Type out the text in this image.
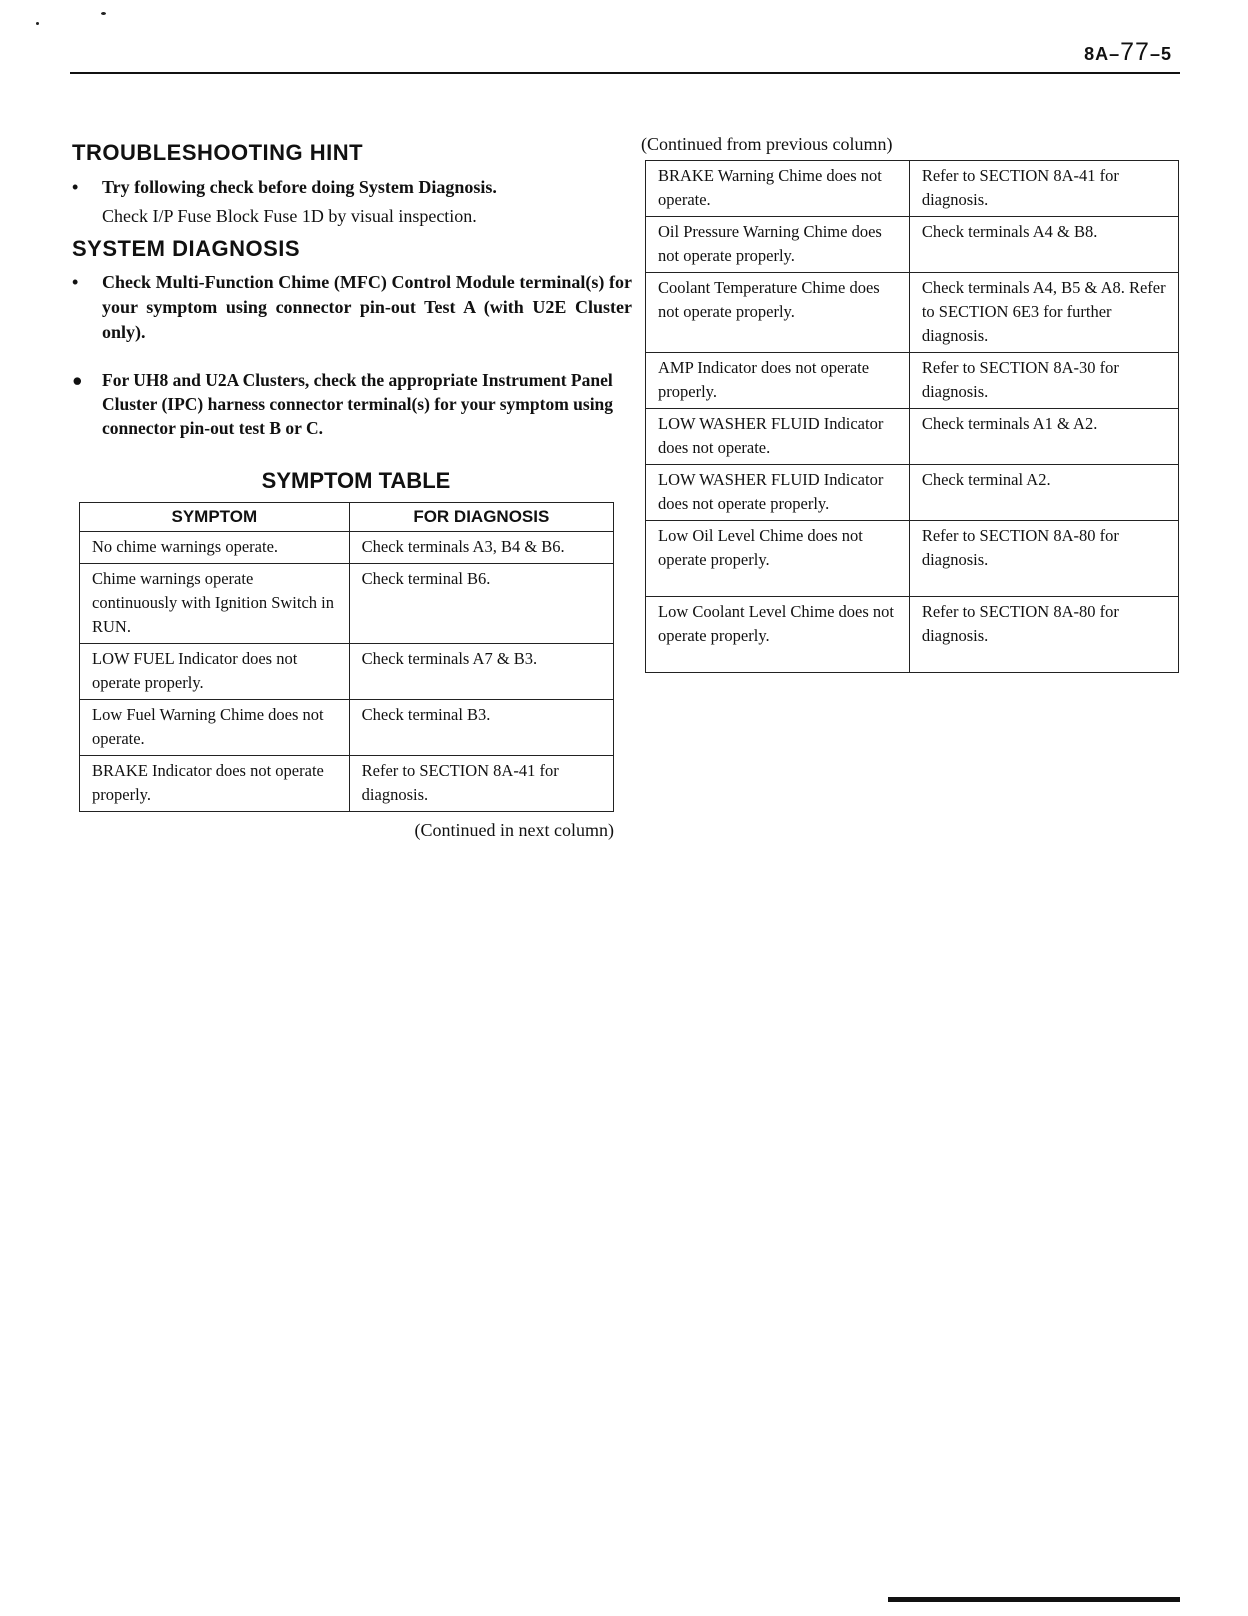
8A–77–5
TROUBLESHOOTING HINT
• Try following check before doing System Diagnosis.
Check I/P Fuse Block Fuse 1D by visual inspection.
SYSTEM DIAGNOSIS
• Check Multi-Function Chime (MFC) Control Module terminal(s) for your symptom using connector pin-out Test A (with U2E Cluster only).
● For UH8 and U2A Clusters, check the appropriate Instrument Panel Cluster (IPC) harness connector terminal(s) for your symptom using connector pin-out test B or C.
SYMPTOM TABLE
SYMPTOM	FOR DIAGNOSIS
No chime warnings operate.	Check terminals A3, B4 & B6.
Chime warnings operate continuously with Ignition Switch in RUN.	Check terminal B6.
LOW FUEL Indicator does not operate properly.	Check terminals A7 & B3.
Low Fuel Warning Chime does not operate.	Check terminal B3.
BRAKE Indicator does not operate properly.	Refer to SECTION 8A-41 for diagnosis.
(Continued in next column)
(Continued from previous column)
BRAKE Warning Chime does not operate.	Refer to SECTION 8A-41 for diagnosis.
Oil Pressure Warning Chime does not operate properly.	Check terminals A4 & B8.
Coolant Temperature Chime does not operate properly.	Check terminals A4, B5 & A8. Refer to SECTION 6E3 for further diagnosis.
AMP Indicator does not operate properly.	Refer to SECTION 8A-30 for diagnosis.
LOW WASHER FLUID Indicator does not operate.	Check terminals A1 & A2.
LOW WASHER FLUID Indicator does not operate properly.	Check terminal A2.
Low Oil Level Chime does not operate properly.	Refer to SECTION 8A-80 for diagnosis.
Low Coolant Level Chime does not operate properly.	Refer to SECTION 8A-80 for diagnosis.
